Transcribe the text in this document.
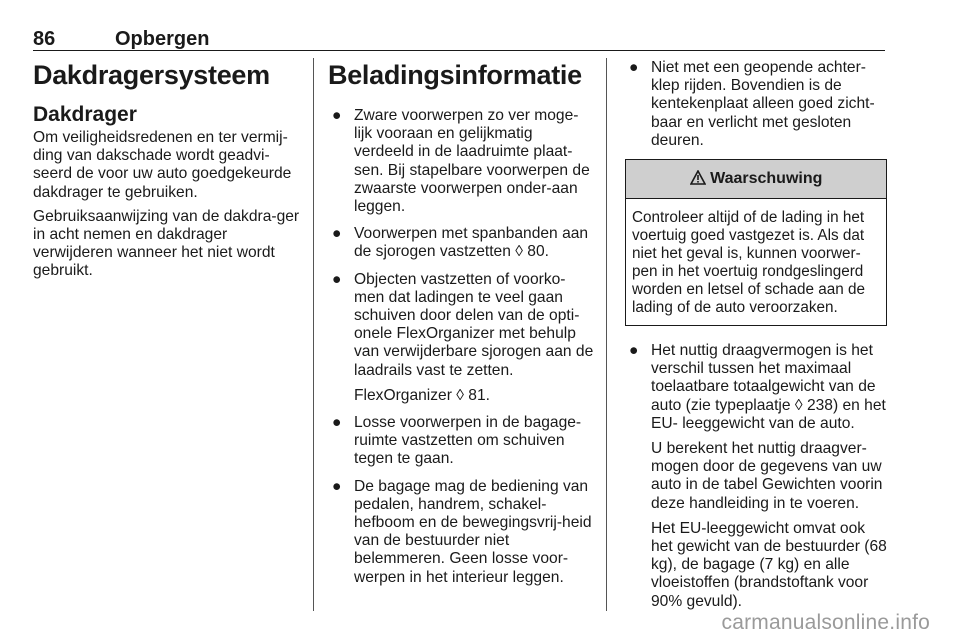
86	Opbergen
Dakdragersysteem
Dakdrager

Om veiligheidsredenen en ter vermij-ding van dakschade wordt geadvi-seerd de voor uw auto goedgekeurde dakdrager te gebruiken.

Gebruiksaanwijzing van de dakdra-ger in acht nemen en dakdrager verwijderen wanneer het niet wordt gebruikt.

Beladingsinformatie
● Zware voorwerpen zo ver moge-lijk vooraan en gelijkmatig verdeeld in de laadruimte plaat-sen. Bij stapelbare voorwerpen de zwaarste voorwerpen onder-aan leggen.

● Voorwerpen met spanbanden aan de sjorogen vastzetten ◊ 80.

● Objecten vastzetten of voorko-men dat ladingen te veel gaan schuiven door delen van de opti-onele FlexOrganizer met behulp van verwijderbare sjorogen aan de laadrails vast te zetten.

FlexOrganizer ◊ 81.

● Losse voorwerpen in de bagage-ruimte vastzetten om schuiven tegen te gaan.

● De bagage mag de bediening van pedalen, handrem, schakel-hefboom en de bewegingsvrij-heid van de bestuurder niet belemmeren. Geen losse voor-werpen in het interieur leggen.

● Niet met een geopende achter-klep rijden. Bovendien is de kentekenplaat alleen goed zicht-baar en verlicht met gesloten deuren.

Waarschuwing
Controleer altijd of de lading in het voertuig goed vastgezet is. Als dat niet het geval is, kunnen voorwer-pen in het voertuig rondgeslingerd worden en letsel of schade aan de lading of de auto veroorzaken.
● Het nuttig draagvermogen is het verschil tussen het maximaal toelaatbare totaalgewicht van de auto (zie typeplaatje ◊ 238) en het EU- leeggewicht van de auto.

U berekent het nuttig draagver-mogen door de gegevens van uw auto in de tabel Gewichten voorin deze handleiding in te voeren.

Het EU-leeggewicht omvat ook het gewicht van de bestuurder (68 kg), de bagage (7 kg) en alle vloeistoffen (brandstoftank voor 90% gevuld).

carmanualsonline.info
